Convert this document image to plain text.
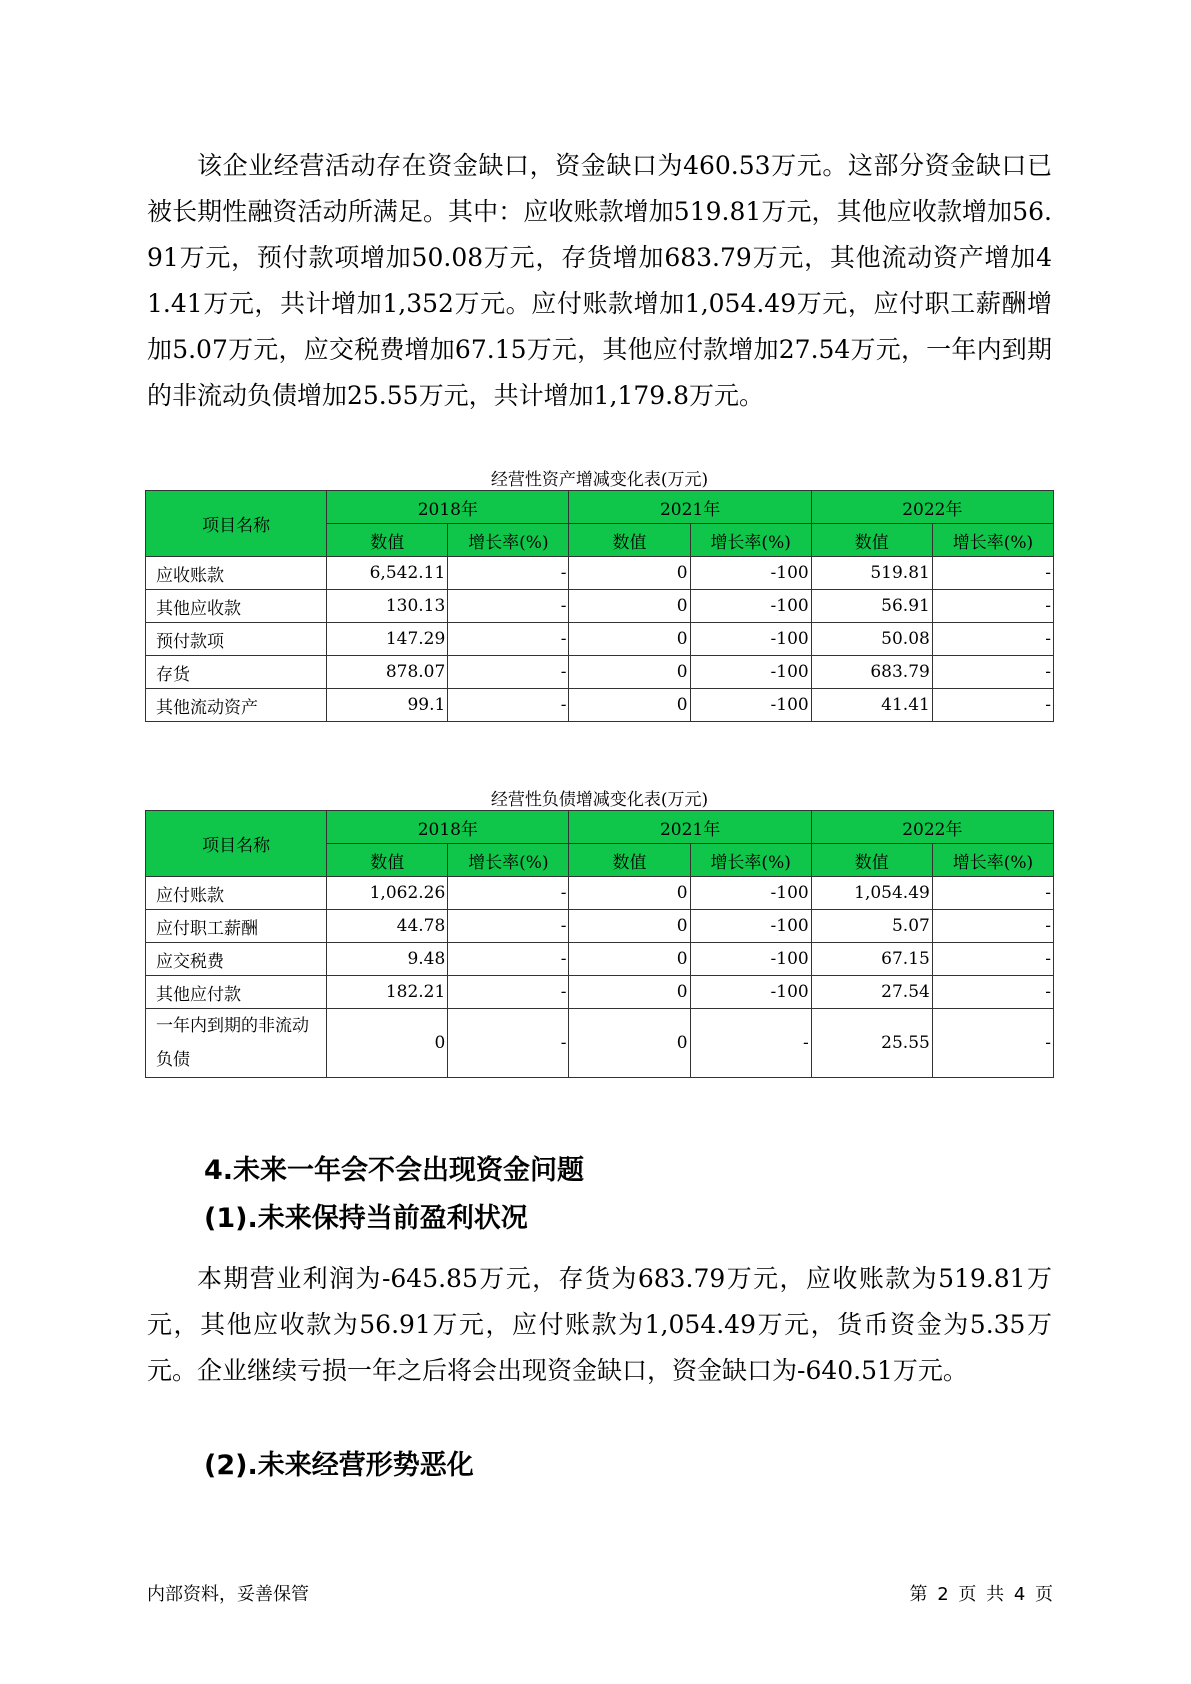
该企业经营活动存在资金缺口，资金缺口为460.53万元。这部分资金缺口已被长期性融资活动所满足。其中：应收账款增加519.81万元，其他应收款增加56.91万元，预付款项增加50.08万元，存货增加683.79万元，其他流动资产增加41.41万元，共计增加1,352万元。应付账款增加1,054.49万元，应付职工薪酬增加5.07万元，应交税费增加67.15万元，其他应付款增加27.54万元，一年内到期的非流动负债增加25.55万元，共计增加1,179.8万元。

经营性资产增减变化表(万元)

项目名称	2018年		2021年		2022年	
	数值	增长率(%)	数值	增长率(%)	数值	增长率(%)
应收账款	6,542.11	-	0	-100	519.81	-
其他应收款	130.13	-	0	-100	56.91	-
预付款项	147.29	-	0	-100	50.08	-
存货	878.07	-	0	-100	683.79	-
其他流动资产	99.1	-	0	-100	41.41	-

经营性负债增减变化表(万元)

项目名称	2018年		2021年		2022年	
	数值	增长率(%)	数值	增长率(%)	数值	增长率(%)
应付账款	1,062.26	-	0	-100	1,054.49	-
应付职工薪酬	44.78	-	0	-100	5.07	-
应交税费	9.48	-	0	-100	67.15	-
其他应付款	182.21	-	0	-100	27.54	-
一年内到期的非流动负债	0	-	0	-	25.55	-
4.未来一年会不会出现资金问题
(1).未来保持当前盈利状况

本期营业利润为-645.85万元，存货为683.79万元，应收账款为519.81万元，其他应收款为56.91万元，应付账款为1,054.49万元，货币资金为5.35万元。企业继续亏损一年之后将会出现资金缺口，资金缺口为-640.51万元。

(2).未来经营形势恶化

内部资料，妥善保管	第 2 页 共 4 页
